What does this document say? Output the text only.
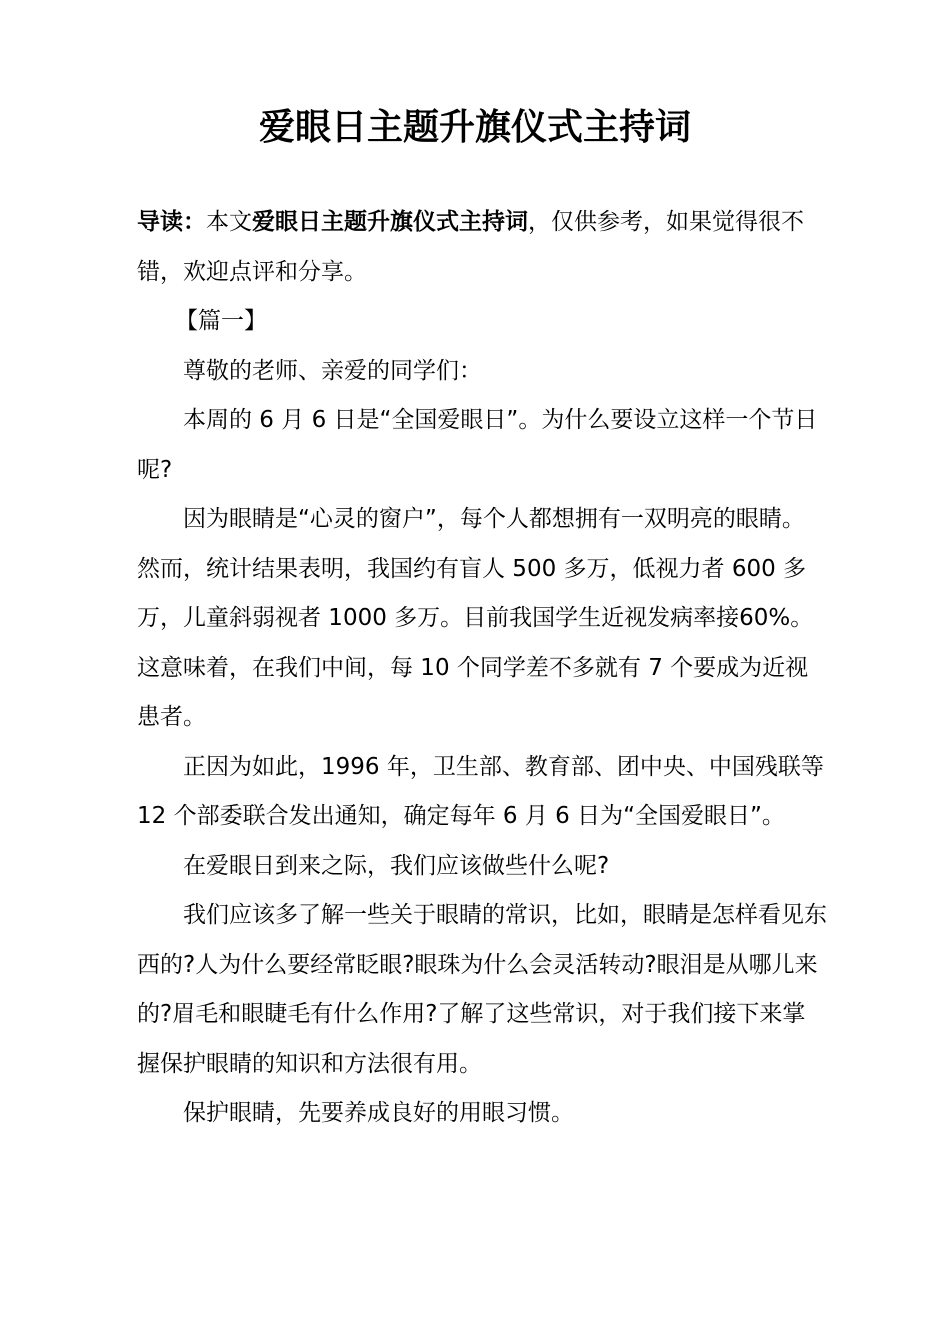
爱眼日主题升旗仪式主持词

导读：本文爱眼日主题升旗仪式主持词，仅供参考，如果觉得很不错，欢迎点评和分享。

【篇一】

尊敬的老师、亲爱的同学们：

本周的 6 月 6 日是“全国爱眼日”。为什么要设立这样一个节日呢?

因为眼睛是“心灵的窗户”，每个人都想拥有一双明亮的眼睛。然而，统计结果表明，我国约有盲人 500 多万，低视力者 600 多万，儿童斜弱视者 1000 多万。目前我国学生近视发病率接60%。这意味着，在我们中间，每 10 个同学差不多就有 7 个要成为近视患者。

正因为如此，1996 年，卫生部、教育部、团中央、中国残联等

12 个部委联合发出通知，确定每年 6 月 6 日为“全国爱眼日”。

在爱眼日到来之际，我们应该做些什么呢?

我们应该多了解一些关于眼睛的常识，比如，眼睛是怎样看见东西的?人为什么要经常眨眼?眼珠为什么会灵活转动?眼泪是从哪儿来的?眉毛和眼睫毛有什么作用?了解了这些常识，对于我们接下来掌握保护眼睛的知识和方法很有用。

保护眼睛，先要养成良好的用眼习惯。
